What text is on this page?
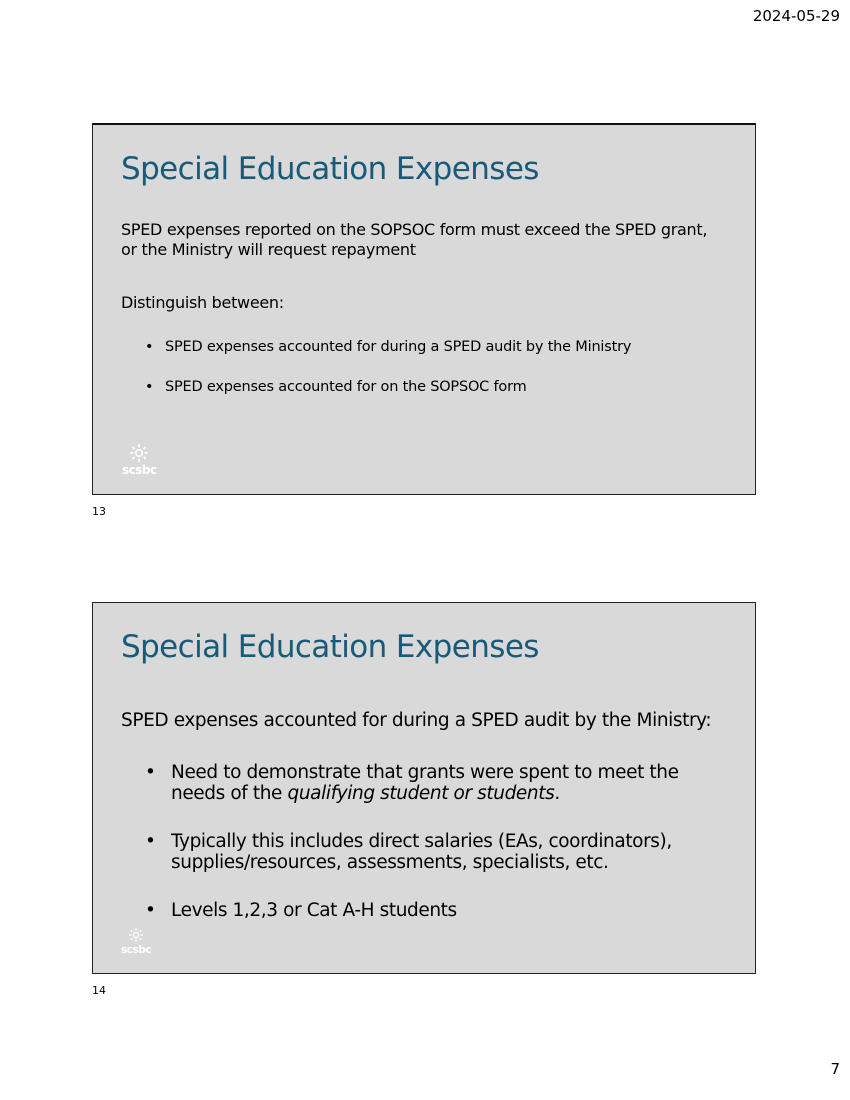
2024-05-29
Special Education Expenses

SPED expenses reported on the SOPSOC form must exceed the SPED grant, or the Ministry will request repayment

Distinguish between:

• SPED expenses accounted for during a SPED audit by the Ministry
• SPED expenses accounted for on the SOPSOC form
scsbc
13
Special Education Expenses

SPED expenses accounted for during a SPED audit by the Ministry:

• Need to demonstrate that grants were spent to meet the needs of the qualifying student or students.
• Typically this includes direct salaries (EAs, coordinators), supplies/resources, assessments, specialists, etc.
• Levels 1,2,3 or Cat A-H students
scsbc
14
7
